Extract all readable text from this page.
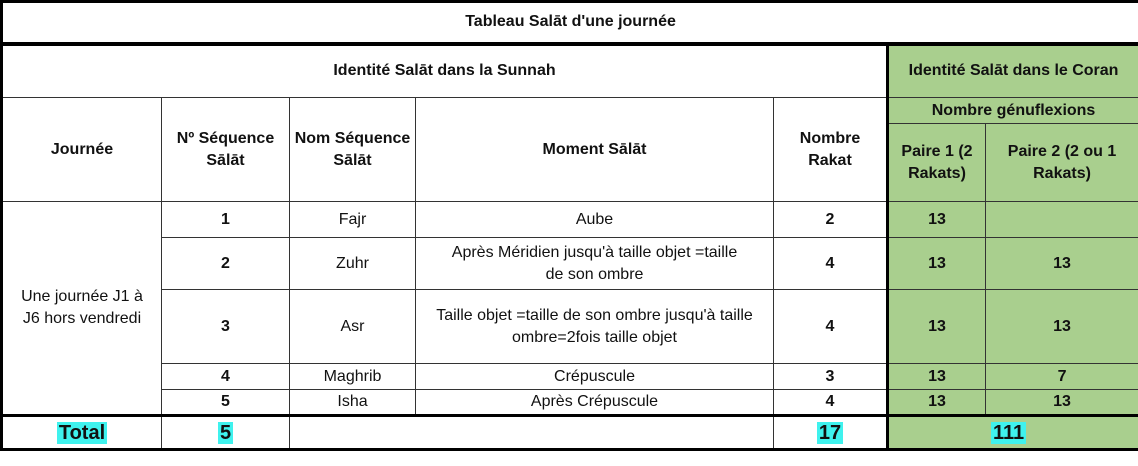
Tableau Salāt d'une journée						
Identité Salāt dans la Sunnah					Identité Salāt dans le Coran	
Journée	Nº Séquence Sālāt	Nom Séquence Sālāt	Moment Sālāt	Nombre Rakat	Nombre génuflexions	
					Paire 1 (2 Rakats)	Paire 2 (2 ou 1 Rakats)
Une journée J1 à J6 hors vendredi	1	Fajr	Aube	2	13	
	2	Zuhr	Après Méridien jusqu'à taille objet =taille de son ombre	4	13	13
	3	Asr	Taille objet =taille de son ombre jusqu'à taille ombre=2fois taille objet	4	13	13
	4	Maghrib	Crépuscule	3	13	7
	5	Isha	Après Crépuscule	4	13	13
Total	5			17	111	
